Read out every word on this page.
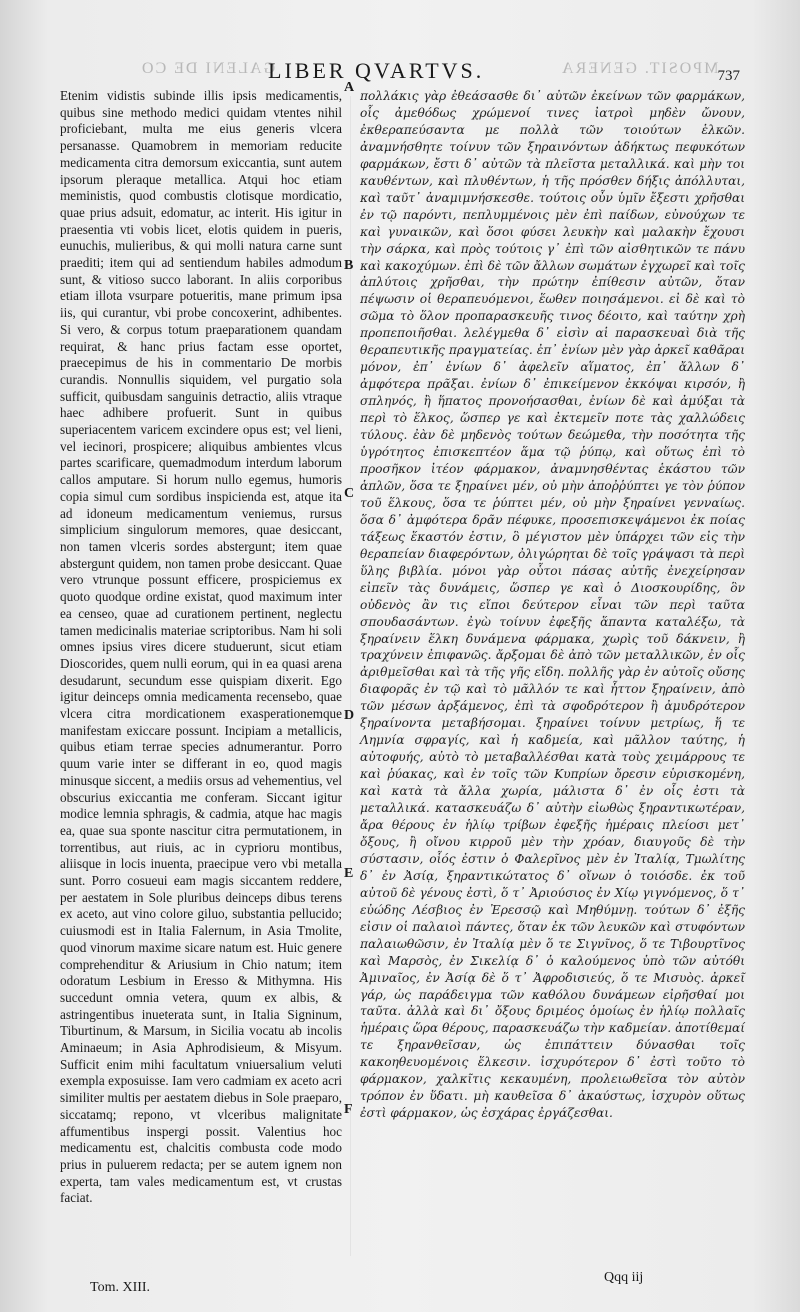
GALENI DE CO	MPOSIT. GENERA
LIBER QVARTVS.	737

Etenim vidistis subinde illis ipsis medicamentis, quibus sine methodo medici quidam vtentes nihil proficiebant, multa me eius generis vlcera persanasse. Quamobrem in memoriam reducite medicamenta citra demorsum exiccantia, sunt autem ipsorum pleraque metallica. Atqui hoc etiam meministis, quod combustis clotisque mordicatio, quae prius adsuit, edomatur, ac interit. His igitur in praesentia vti vobis licet, elotis quidem in pueris, eunuchis, mulieribus, & qui molli natura carne sunt praediti; item qui ad sentiendum habiles admodum sunt, & vitioso succo laborant. In aliis corporibus etiam illota vsurpare potueritis, mane primum ipsa iis, qui curantur, vbi probe concoxerint, adhibentes. Si vero, & corpus totum praeparationem quandam requirat, & hanc prius factam esse oportet, praecepimus de his in commentario De morbis curandis. Nonnullis siquidem, vel purgatio sola sufficit, quibusdam sanguinis detractio, aliis vtraque haec adhibere profuerit. Sunt in quibus superiacentem varicem excindere opus est; vel lieni, vel iecinori, prospicere; aliquibus ambientes vlcus partes scarificare, quemadmodum interdum laborum callos amputare. Si horum nullo egemus, humoris copia simul cum sordibus inspicienda est, atque ita ad idoneum medicamentum veniemus, rursus simplicium singulorum memores, quae desiccant, non tamen vlceris sordes abstergunt; item quae abstergunt quidem, non tamen probe desiccant. Quae vero vtrunque possunt efficere, prospiciemus ex quoto quodque ordine existat, quod maximum inter ea censeo, quae ad curationem pertinent, neglectu tamen medicinalis materiae scriptoribus. Nam hi soli omnes ipsius vires dicere studuerunt, sicut etiam Dioscorides, quem nulli eorum, qui in ea quasi arena desudarunt, secundum esse quispiam dixerit. Ego igitur deinceps omnia medicamenta recensebo, quae vlcera citra mordicationem exasperationemque manifestam exiccare possunt. Incipiam a metallicis, quibus etiam terrae species adnumerantur. Porro quum varie inter se differant in eo, quod magis minusque siccent, a mediis orsus ad vehementius, vel obscurius exiccantia me conferam. Siccant igitur modice lemnia sphragis, & cadmia, atque hac magis ea, quae sua sponte nascitur citra permutationem, in torrentibus, aut riuis, ac in cyprioru montibus, aliisque in locis inuenta, praecipue vero vbi metalla sunt. Porro cosueui eam magis siccantem reddere, per aestatem in Sole pluribus deinceps dibus terens ex aceto, aut vino colore giluo, substantia pellucido; cuiusmodi est in Italia Falernum, in Asia Tmolite, quod vinorum maxime sicare natum est. Huic genere comprehenditur & Ariusium in Chio natum; item odoratum Lesbium in Eresso & Mithymna. His succedunt omnia vetera, quum ex albis, & astringentibus inueterata sunt, in Italia Signinum, Tiburtinum, & Marsum, in Sicilia vocatu ab incolis Aminaeum; in Asia Aphrodisieum, & Misyum. Sufficit enim mihi facultatum vniuersalium veluti exempla exposuisse. Iam vero cadmiam ex aceto acri similiter multis per aestatem diebus in Sole praeparo, siccatamq; repono, vt vlceribus malignitate affumentibus inspergi possit. Valentius hoc medicamentu est, chalcitis combusta code modo prius in puluerem redacta; per se autem ignem non experta, tam vales medicamentum est, vt crustas faciat.

A
B
C
D
E
F

πολλάκις γὰρ ἐθεάσασθε δι᾽ αὐτῶν ἐκείνων τῶν φαρμάκων, οἷς ἀμεθόδως χρώμενοί τινες ἰατροὶ μηδὲν ὤνουν, ἐκθεραπεύσαντα με πολλὰ τῶν τοιούτων ἑλκῶν. ἀναμνήσθητε τοίνυν τῶν ξηραινόντων ἀδήκτως πεφυκότων φαρμάκων, ἔστι δ᾽ αὐτῶν τὰ πλεῖστα μεταλλικά. καὶ μὴν τοι καυθέντων, καὶ πλυθέντων, ἡ τῆς πρόσθεν δήξις ἀπόλλυται, καὶ ταῦτ᾽ ἀναμιμνήσκεσθε. τούτοις οὖν ὑμῖν ἔξεστι χρῆσθαι ἐν τῷ παρόντι, πεπλυμμένοις μὲν ἐπὶ παίδων, εὐνούχων τε καὶ γυναικῶν, καὶ ὅσοι φύσει λευκὴν καὶ μαλακὴν ἔχουσι τὴν σάρκα, καὶ πρὸς τούτοις γ᾽ ἐπὶ τῶν αἰσθητικῶν τε πάνυ καὶ κακοχύμων. ἐπὶ δὲ τῶν ἄλλων σωμάτων ἐγχωρεῖ καὶ τοῖς ἀπλύτοις χρῆσθαι, τὴν πρώτην ἐπίθεσιν αὐτῶν, ὅταν πέψωσιν οἱ θεραπευόμενοι, ἕωθεν ποιησάμενοι. εἰ δὲ καὶ τὸ σῶμα τὸ ὅλον προπαρασκευῆς τινος δέοιτο, καὶ ταύτην χρὴ προπεποιῆσθαι. λελέγμεθα δ᾽ εἰσὶν αἱ παρασκευαὶ διὰ τῆς θεραπευτικῆς πραγματείας. ἐπ᾽ ἐνίων μὲν γὰρ ἀρκεῖ καθᾶραι μόνον, ἐπ᾽ ἐνίων δ᾽ ἀφελεῖν αἵματος, ἐπ᾽ ἄλλων δ᾽ ἀμφότερα πρᾶξαι. ἐνίων δ᾽ ἐπικείμενον ἐκκόψαι κιρσόν, ἢ σπληνός, ἢ ἥπατος προνοήσασθαι, ἐνίων δὲ καὶ ἀμύξαι τὰ περὶ τὸ ἕλκος, ὥσπερ γε καὶ ἐκτεμεῖν ποτε τὰς χαλλώδεις τύλους. ἐὰν δὲ μηδενὸς τούτων δεώμεθα, τὴν ποσότητα τῆς ὑγρότητος ἐπισκεπτέον ἅμα τῷ ῥύπῳ, καὶ οὕτως ἐπὶ τὸ προσῆκον ἰτέον φάρμακον, ἀναμνησθέντας ἑκάστου τῶν ἁπλῶν, ὅσα τε ξηραίνει μέν, οὐ μὴν ἀποῤῥύπτει γε τὸν ῥύπον τοῦ ἕλκους, ὅσα τε ῥύπτει μέν, οὐ μὴν ξηραίνει γενναίως. ὅσα δ᾽ ἀμφότερα δρᾶν πέφυκε, προσεπισκεψάμενοι ἐκ ποίας τάξεως ἕκαστόν ἐστιν, ὃ μέγιστον μὲν ὑπάρχει τῶν εἰς τὴν θεραπείαν διαφερόντων, ὀλιγώρηται δὲ τοῖς γράψασι τὰ περὶ ὕλης βιβλία. μόνοι γὰρ οὗτοι πάσας αὐτῆς ἐνεχείρησαν εἰπεῖν τὰς δυνάμεις, ὥσπερ γε καὶ ὁ Διοσκουρίδης, ὃν οὐδενὸς ἂν τις εἴποι δεύτερον εἶναι τῶν περὶ ταῦτα σπουδασάντων. ἐγὼ τοίνυν ἐφεξῆς ἅπαντα καταλέξω, τὰ ξηραίνειν ἕλκη δυνάμενα φάρμακα, χωρὶς τοῦ δάκνειν, ἢ τραχύνειν ἐπιφανῶς. ἄρξομαι δὲ ἀπὸ τῶν μεταλλικῶν, ἐν οἷς ἀριθμεῖσθαι καὶ τὰ τῆς γῆς εἴδη. πολλῆς γὰρ ἐν αὐτοῖς οὔσης διαφορᾶς ἐν τῷ καὶ τὸ μᾶλλόν τε καὶ ἧττον ξηραίνειν, ἀπὸ τῶν μέσων ἀρξάμενος, ἐπὶ τὰ σφοδρότερον ἢ ἀμυδρότερον ξηραίνοντα μεταβήσομαι. ξηραίνει τοίνυν μετρίως, ἥ τε Λημνία σφραγίς, καὶ ἡ καδμεία, καὶ μᾶλλον ταύτης, ἡ αὐτοφυής, αὐτὸ τὸ μεταβαλλέσθαι κατὰ τοὺς χειμάρρους τε καὶ ῥύακας, καὶ ἐν τοῖς τῶν Κυπρίων ὄρεσιν εὑρισκομένη, καὶ κατὰ τὰ ἄλλα χωρία, μάλιστα δ᾽ ἐν οἷς ἐστι τὰ μεταλλικά. κατασκευάζω δ᾽ αὐτὴν εἰωθὼς ξηραντικωτέραν, ἄρα θέρους ἐν ἡλίῳ τρίβων ἐφεξῆς ἡμέραις πλείοσι μετ᾽ ὄξους, ἢ οἴνου κιρροῦ μὲν τὴν χρόαν, διαυγοῦς δὲ τὴν σύστασιν, οἷός ἐστιν ὁ Φαλερῖνος μὲν ἐν Ἰταλίᾳ, Τμωλίτης δ᾽ ἐν Ἀσίᾳ, ξηραντικώτατος δ᾽ οἴνων ὁ τοιόσδε. ἐκ τοῦ αὐτοῦ δὲ γένους ἐστὶ, ὅ τ᾽ Ἀριούσιος ἐν Χίῳ γιγνόμενος, ὅ τ᾽ εὐώδης Λέσβιος ἐν Ἐρεσσῷ καὶ Μηθύμνῃ. τούτων δ᾽ ἐξῆς εἰσιν οἱ παλαιοὶ πάντες, ὅταν ἐκ τῶν λευκῶν καὶ στυφόντων παλαιωθῶσιν, ἐν Ἰταλίᾳ μὲν ὅ τε Σιγνῖνος, ὅ τε Τιβουρτῖνος καὶ Μαρσὸς, ἐν Σικελίᾳ δ᾽ ὁ καλούμενος ὑπὸ τῶν αὐτόθι Ἀμιναῖος, ἐν Ἀσίᾳ δὲ ὅ τ᾽ Ἀφροδισιεύς, ὅ τε Μισυὸς. ἀρκεῖ γάρ, ὡς παράδειγμα τῶν καθόλου δυνάμεων εἰρῆσθαί μοι ταῦτα. ἀλλὰ καὶ δι᾽ ὄξους δριμέος ὁμοίως ἐν ἡλίῳ πολλαῖς ἡμέραις ὥρα θέρους, παρασκευάζω τὴν καδμείαν. ἀποτίθεμαί τε ξηρανθεῖσαν, ὡς ἐπιπάττειν δύνασθαι τοῖς κακοηθευομένοις ἕλκεσιν. ἰσχυρότερον δ᾽ ἐστὶ τοῦτο τὸ φάρμακον, χαλκῖτις κεκαυμένη, προλειωθεῖσα τὸν αὐτὸν τρόπον ἐν ὕδατι. μὴ καυθεῖσα δ᾽ ἀκαύστως, ἰσχυρὸν οὕτως ἐστὶ φάρμακον, ὡς ἐσχάρας ἐργάζεσθαι.

Tom. XIII.
Qqq iij
